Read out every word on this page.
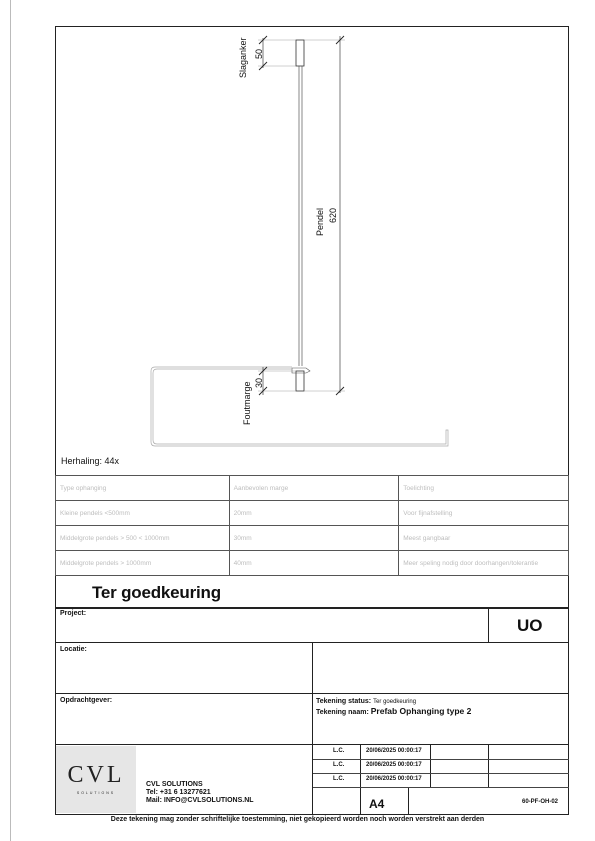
Slaganker 50
Pendel 620
Foutmarge 30
Herhaling: 44x
Type ophanging	Aanbevolen marge	Toelichting
Kleine pendels <500mm	20mm	Voor fijnafstelling
Middelgrote pendels > 500 < 1000mm	30mm	Meest gangbaar
Middelgrote pendels > 1000mm	40mm	Meer speling nodig door doorhangen/tolerantie
Ter goedkeuring
Project:
UO
Locatie:
Opdrachtgever:	Tekening status: Ter goedkeuring
Tekening naam: Prefab Ophanging type 2
L.C.	20/06/2025 00:00:17
L.C.	20/06/2025 00:00:17
L.C.	20/06/2025 00:00:17
A4	60-PF-OH-02
CVL
SOLUTIONS
CVL SOLUTIONS
Tel: +31 6 13277621
Mail: INFO@CVLSOLUTIONS.NL
Deze tekening mag zonder schriftelijke toestemming, niet gekopieerd worden noch worden verstrekt aan derden
